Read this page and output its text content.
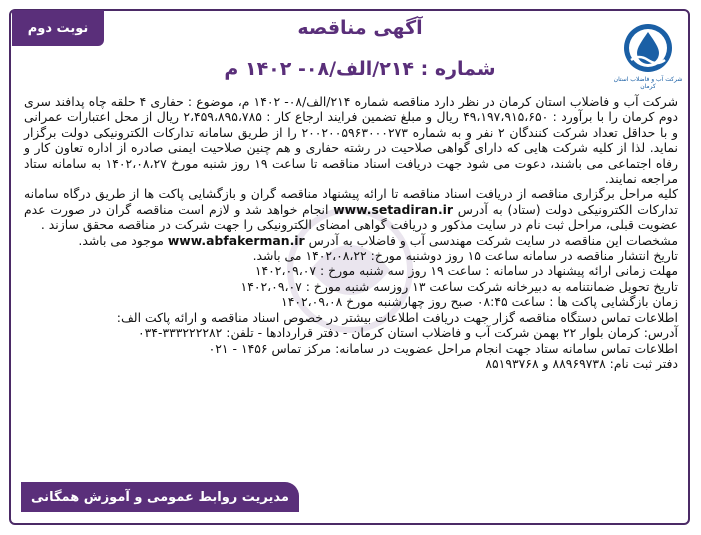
نوبت دوم	آگهی مناقصه
شماره : ۲۱۴/الف/۰۸- ۱۴۰۲ م	شرکت آب و فاضلاب استان کرمان

شرکت آب و فاضلاب استان کرمان در نظر دارد مناقصه شماره ۲۱۴/الف/۰۸- ۱۴۰۲ م، موضوع : حفاری ۴ حلقه چاه پدافند سری دوم کرمان را با برآورد : ۴۹،۱۹۷،۹۱۵،۶۵۰ ریال و مبلغ تضمین فرایند ارجاع کار : ۲،۴۵۹،۸۹۵،۷۸۵ ریال از محل اعتبارات عمرانی و با حداقل تعداد شرکت کنندگان ۲ نفر و به شماره ۲۰۰۲۰۰۵۹۶۳۰۰۰۲۷۳ را از طریق سامانه تدارکات الکترونیکی دولت برگزار نماید. لذا از کلیه شرکت هایی که دارای گواهی صلاحیت در رشته حفاری و هم چنین صلاحیت ایمنی صادره از اداره تعاون کار و رفاه اجتماعی می باشند، دعوت می شود جهت دریافت اسناد مناقصه تا ساعت ۱۹ روز شنبه مورخ ۱۴۰۲،۰۸،۲۷ به سامانه ستاد مراجعه نمایند.

کلیه مراحل برگزاری مناقصه از دریافت اسناد مناقصه تا ارائه پیشنهاد مناقصه گران و بازگشایی پاکت ها از طریق درگاه سامانه تدارکات الکترونیکی دولت (ستاد) به آدرس www.setadiran.ir انجام خواهد شد و لازم است مناقصه گران در صورت عدم عضویت قبلی، مراحل ثبت نام در سایت مذکور و دریافت گواهی امضای الکترونیکی را جهت شرکت در مناقصه محقق سازند .

مشخصات این مناقصه در سایت شرکت مهندسی آب و فاضلاب به آدرس www.abfakerman.ir موجود می باشد.

تاریخ انتشار مناقصه در سامانه ساعت ۱۵ روز دوشنبه مورخ: ۱۴۰۲،۰۸،۲۲ می باشد.

مهلت زمانی ارائه پیشنهاد در سامانه : ساعت ۱۹ روز سه شنبه مورخ : ۱۴۰۲،۰۹،۰۷

تاریخ تحویل ضمانتنامه به دبیرخانه شرکت ساعت ۱۳ روزسه شنبه مورخ : ۱۴۰۲،۰۹،۰۷

زمان بازگشایی پاکت ها : ساعت ۰۸:۴۵ صبح روز چهارشنبه مورخ ۱۴۰۲،۰۹،۰۸

اطلاعات تماس دستگاه مناقصه گزار جهت دریافت اطلاعات بیشتر در خصوص اسناد مناقصه و ارائه پاکت الف:

آدرس: کرمان بلوار ۲۲ بهمن شرکت آب و فاضلاب استان کرمان - دفتر قراردادها - تلفن: ۳۳۳۲۲۲۲۸۲-۰۳۴

اطلاعات تماس سامانه ستاد جهت انجام مراحل عضویت در سامانه: مرکز تماس ۱۴۵۶ - ۰۲۱

دفتر ثبت نام: ۸۸۹۶۹۷۳۸ و ۸۵۱۹۳۷۶۸

مدیریت روابط عمومی و آموزش همگانی
